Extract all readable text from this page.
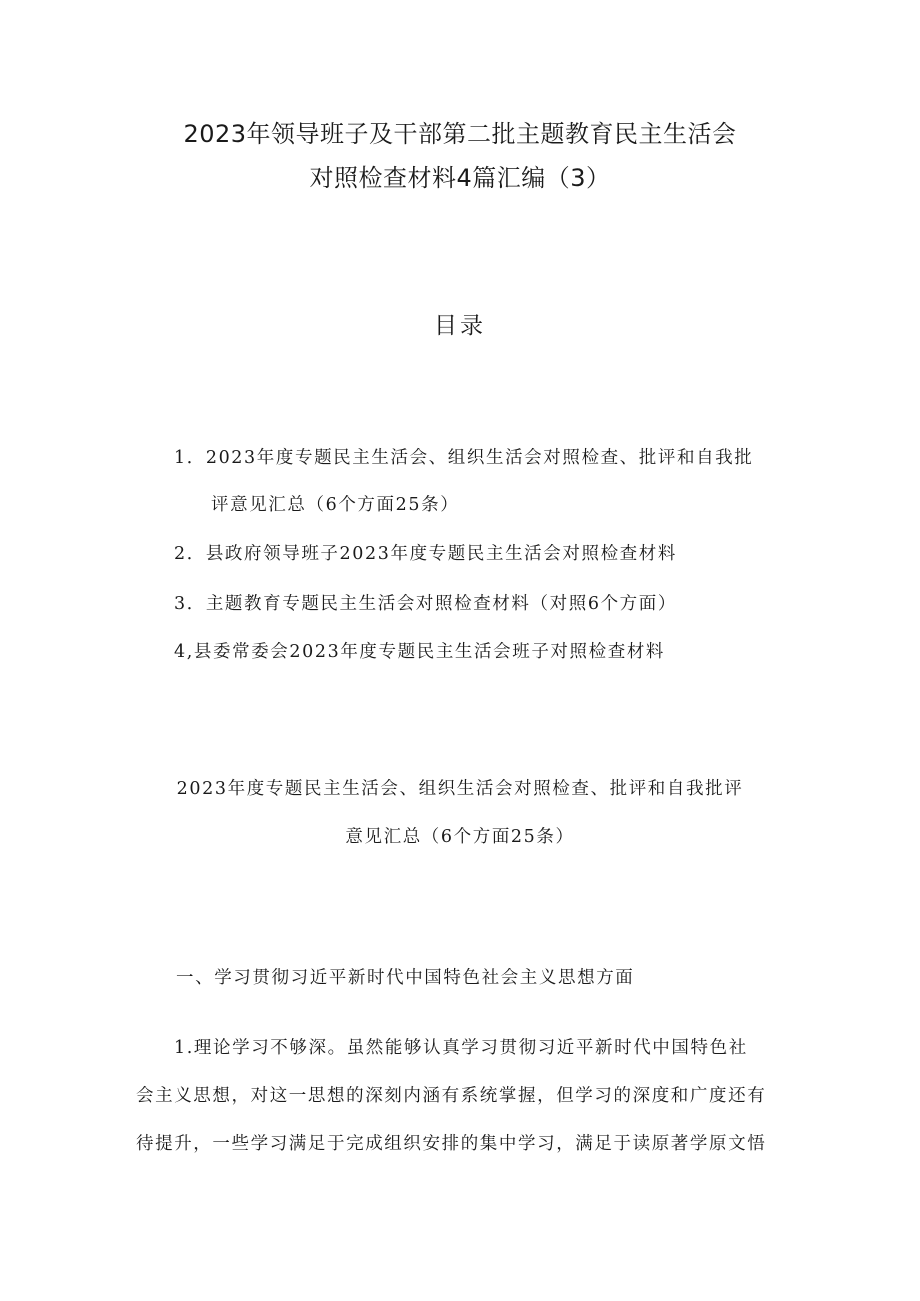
2023年领导班子及干部第二批主题教育民主生活会
对照检查材料4篇汇编（3）
目录
1．2023年度专题民主生活会、组织生活会对照检查、批评和自我批
评意见汇总（6个方面25条）
2．县政府领导班子2023年度专题民主生活会对照检查材料
3．主题教育专题民主生活会对照检查材料（对照6个方面）
4,县委常委会2023年度专题民主生活会班子对照检查材料
2023年度专题民主生活会、组织生活会对照检查、批评和自我批评
意见汇总（6个方面25条）
一、学习贯彻习近平新时代中国特色社会主义思想方面
1.理论学习不够深。虽然能够认真学习贯彻习近平新时代中国特色社
会主义思想，对这一思想的深刻内涵有系统掌握，但学习的深度和广度还有
待提升，一些学习满足于完成组织安排的集中学习，满足于读原著学原文悟
